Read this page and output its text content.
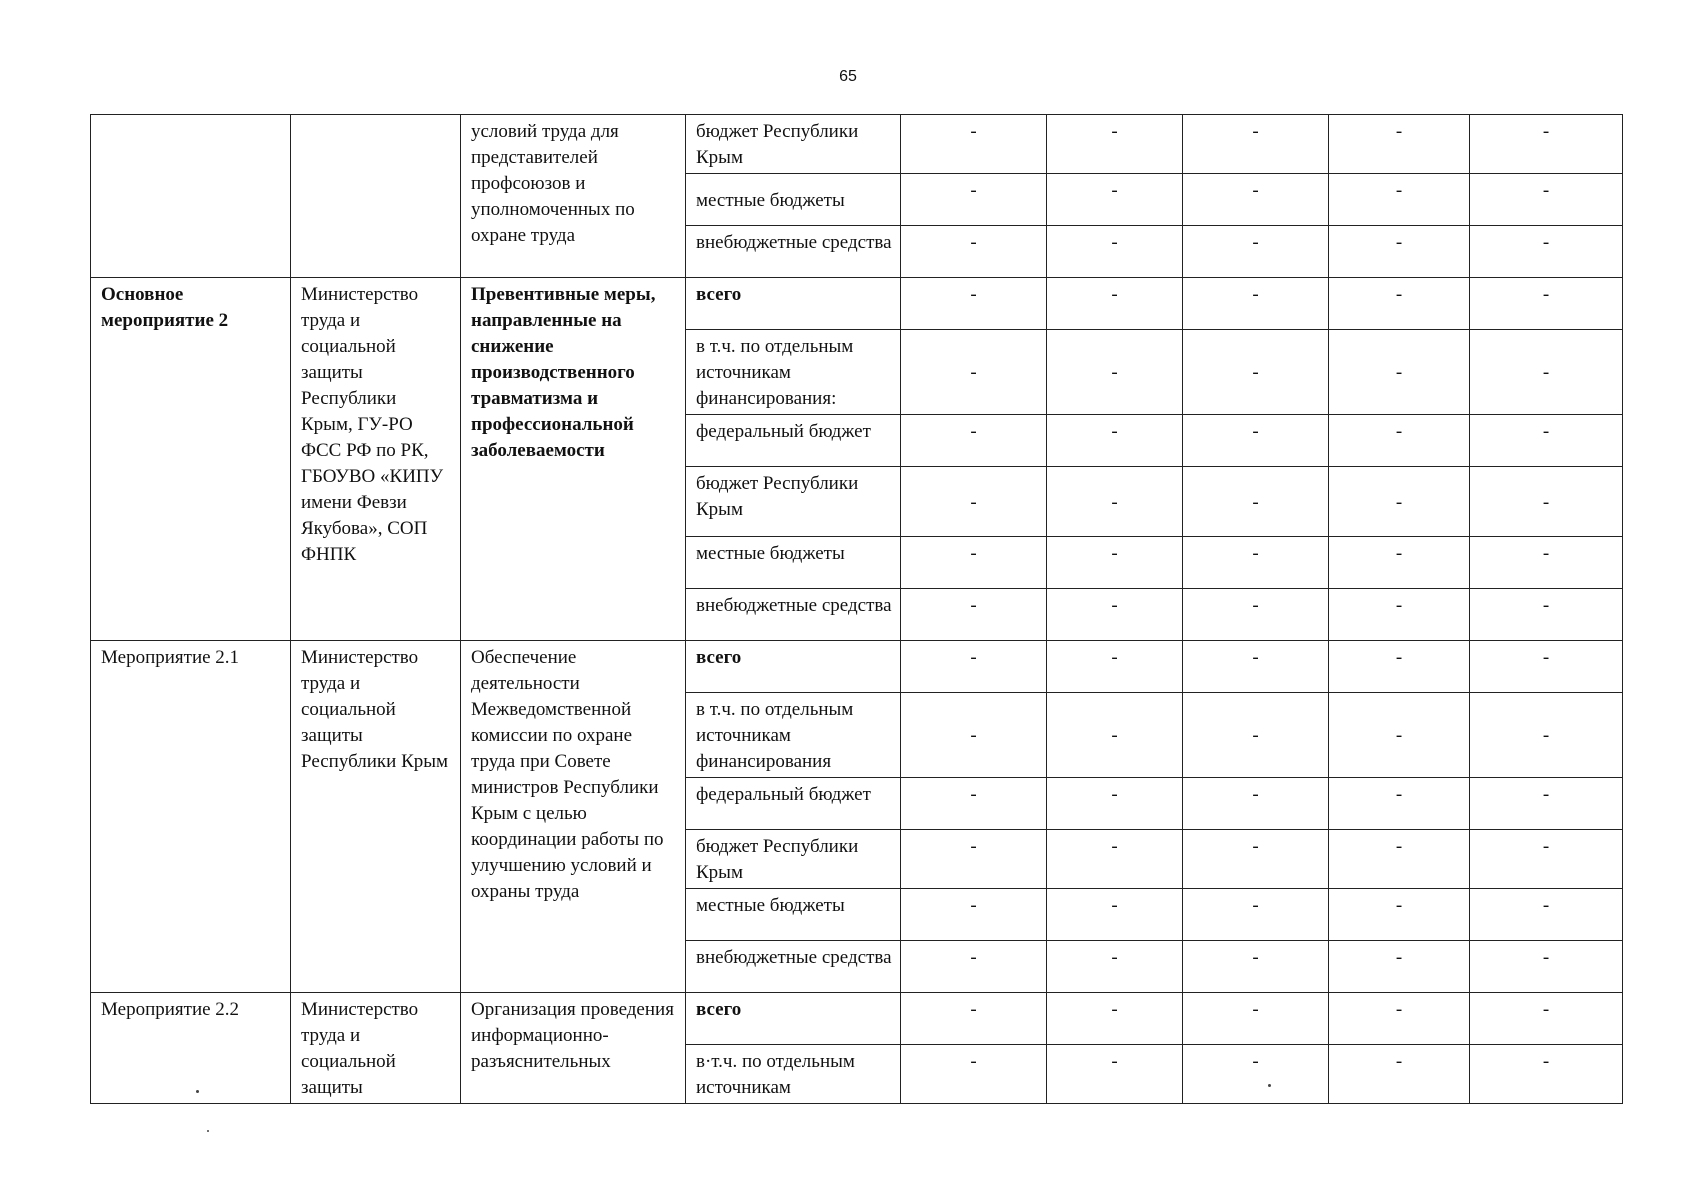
65
		условий труда для представителей профсоюзов и уполномоченных по охране труда	бюджет Республики Крым	-	-	-	-	-
			местные бюджеты	-	-	-	-	-
			внебюджетные средства	-	-	-	-	-
Основное мероприятие 2	Министерство труда и социальной защиты Республики Крым, ГУ-РО ФСС РФ по РК, ГБОУВО «КИПУ имени Февзи Якубова», СОП ФНПК	Превентивные меры, направленные на снижение производственного травматизма и профессиональной заболеваемости	всего	-	-	-	-	-
			в т.ч. по отдельным источникам финансирования:	-	-	-	-	-
			федеральный бюджет	-	-	-	-	-
			бюджет Республики Крым	-	-	-	-	-
			местные бюджеты	-	-	-	-	-
			внебюджетные средства	-	-	-	-	-
Мероприятие 2.1	Министерство труда и социальной защиты Республики Крым	Обеспечение деятельности Межведомственной комиссии по охране труда при Совете министров Республики Крым с целью координации работы по улучшению условий и охраны труда	всего	-	-	-	-	-
			в т.ч. по отдельным источникам финансирования	-	-	-	-	-
			федеральный бюджет	-	-	-	-	-
			бюджет Республики Крым	-	-	-	-	-
			местные бюджеты	-	-	-	-	-
			внебюджетные средства	-	-	-	-	-
Мероприятие 2.2	Министерство труда и социальной защиты	Организация проведения информационно-разъяснительных	всего	-	-	-	-	-
			в·т.ч. по отдельным источникам	-	-	-	-	-
